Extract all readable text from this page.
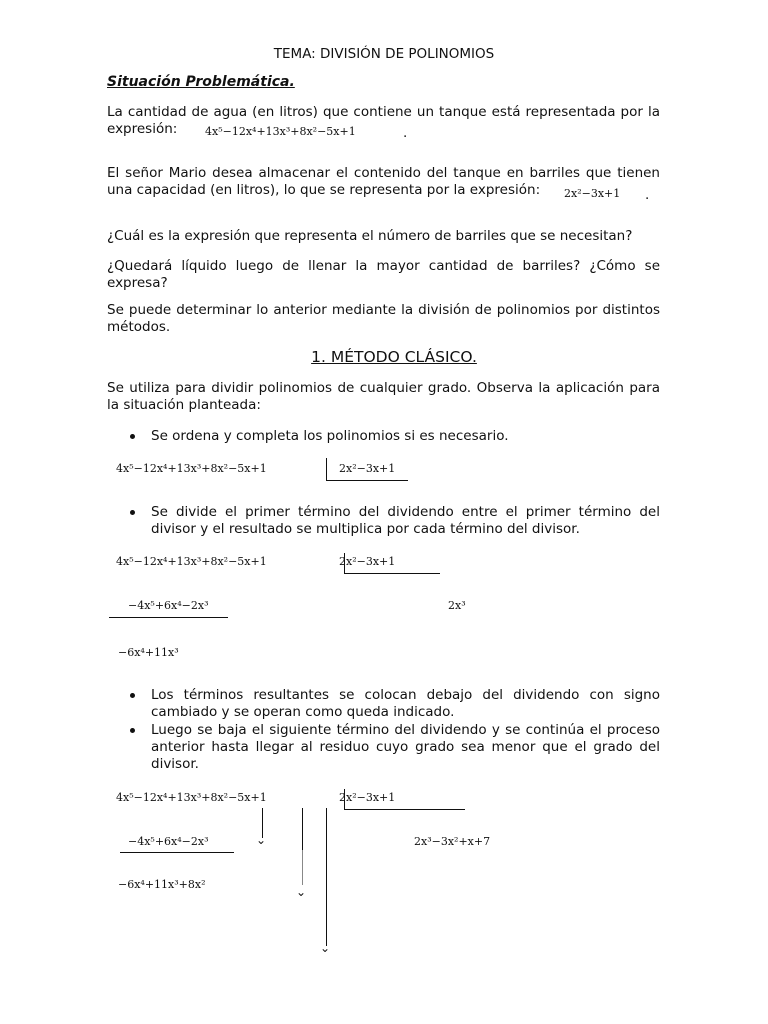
TEMA: DIVISIÓN DE POLINOMIOS
Situación Problemática.
La cantidad de agua (en litros) que contiene un tanque está representada por la expresión:	4x⁵−12x⁴+13x³+8x²−5x+1	.
El señor Mario desea almacenar el contenido del tanque en barriles que tienen una capacidad (en litros), lo que se representa por la expresión:	2x²−3x+1 .
¿Cuál es la expresión que representa el número de barriles que se necesitan?
¿Quedará líquido luego de llenar la mayor cantidad de barriles? ¿Cómo se expresa?
Se puede determinar lo anterior mediante la división de polinomios por distintos métodos.
1. MÉTODO CLÁSICO.
Se utiliza para dividir polinomios de cualquier grado. Observa la aplicación para la situación planteada:
Se ordena y completa los polinomios si es necesario.
4x⁵−12x⁴+13x³+8x²−5x+1	2x²−3x+1
Se divide el primer término del dividendo entre el primer término del divisor y el resultado se multiplica por cada término del divisor.
4x⁵−12x⁴+13x³+8x²−5x+1	2x²−3x+1
−4x⁵+6x⁴−2x³	2x³
−6x⁴+11x³
Los términos resultantes se colocan debajo del dividendo con signo cambiado y se operan como queda indicado.
Luego se baja el siguiente término del dividendo y se continúa el proceso anterior hasta llegar al residuo cuyo grado sea menor que el grado del divisor.
4x⁵−12x⁴+13x³+8x²−5x+1	2x²−3x+1
−4x⁵+6x⁴−2x³	2x³−3x²+x+7
−6x⁴+11x³+8x²
⌄
⌄
⌄
